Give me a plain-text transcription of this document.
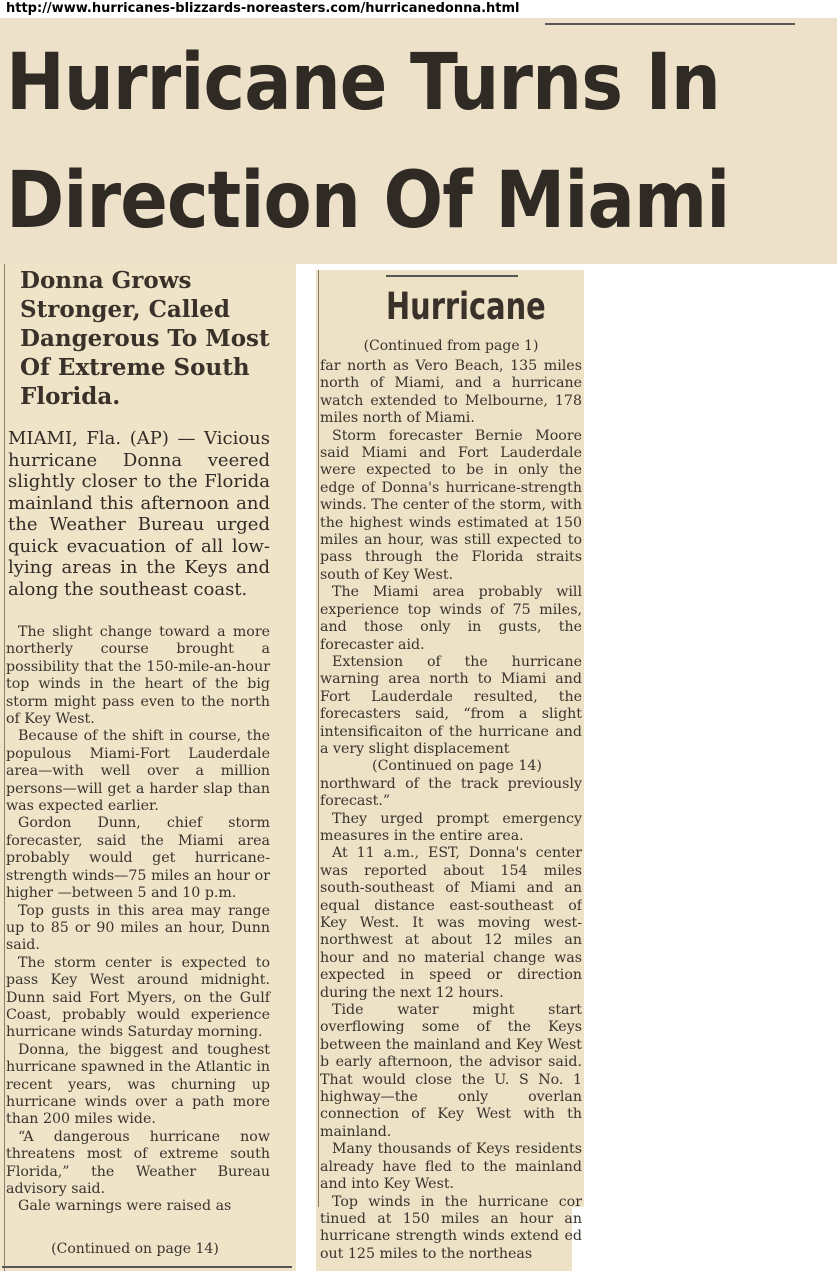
http://www.hurricanes-blizzards-noreasters.com/hurricanedonna.html
Hurricane Turns In
Direction Of Miami
Donna Grows Stronger, Called Dangerous To Most Of Extreme South Florida.
MIAMI, Fla. (AP) — Vicious hurricane Donna veered slightly closer to the Florida mainland this afternoon and the Weather Bureau urged quick evacuation of all low-lying areas in the Keys and along the southeast coast.

The slight change toward a more northerly course brought a possibility that the 150-mile-an-hour top winds in the heart of the big storm might pass even to the north of Key West.

Because of the shift in course, the populous Miami-Fort Lauderdale area—with well over a million persons—will get a harder slap than was expected earlier.

Gordon Dunn, chief storm forecaster, said the Miami area probably would get hurricane-strength winds—75 miles an hour or higher —between 5 and 10 p.m.

Top gusts in this area may range up to 85 or 90 miles an hour, Dunn said.

The storm center is expected to pass Key West around midnight. Dunn said Fort Myers, on the Gulf Coast, probably would experience hurricane winds Saturday morning.

Donna, the biggest and toughest hurricane spawned in the Atlantic in recent years, was churning up hurricane winds over a path more than 200 miles wide.

“A dangerous hurricane now threatens most of extreme south Florida,” the Weather Bureau advisory said.

Gale warnings were raised as

(Continued on page 14)
Hurricane
(Continued from page 1)

far north as Vero Beach, 135 miles north of Miami, and a hurricane watch extended to Melbourne, 178 miles north of Miami.

Storm forecaster Bernie Moore said Miami and Fort Lauderdale were expected to be in only the edge of Donna's hurricane-strength winds. The center of the storm, with the highest winds estimated at 150 miles an hour, was still expected to pass through the Florida straits south of Key West.

The Miami area probably will experience top winds of 75 miles, and those only in gusts, the forecaster aid.

Extension of the hurricane warning area north to Miami and Fort Lauderdale resulted, the forecasters said, “from a slight intensificaiton of the hurricane and a very slight displacement

(Continued on page 14)

northward of the track previously forecast.”

They urged prompt emergency measures in the entire area.

At 11 a.m., EST, Donna's center was reported about 154 miles south-southeast of Miami and an equal distance east-southeast of Key West. It was moving west-northwest at about 12 miles an hour and no material change was expected in speed or direction during the next 12 hours.

Tide water might start overflowing some of the Keys between the mainland and Key West b early afternoon, the advisor said. That would close the U. S No. 1 highway—the only overlan connection of Key West with th mainland.

Many thousands of Keys residents already have fled to the mainland and into Key West.

Top winds in the hurricane cor tinued at 150 miles an hour an hurricane strength winds extend ed out 125 miles to the northeas
